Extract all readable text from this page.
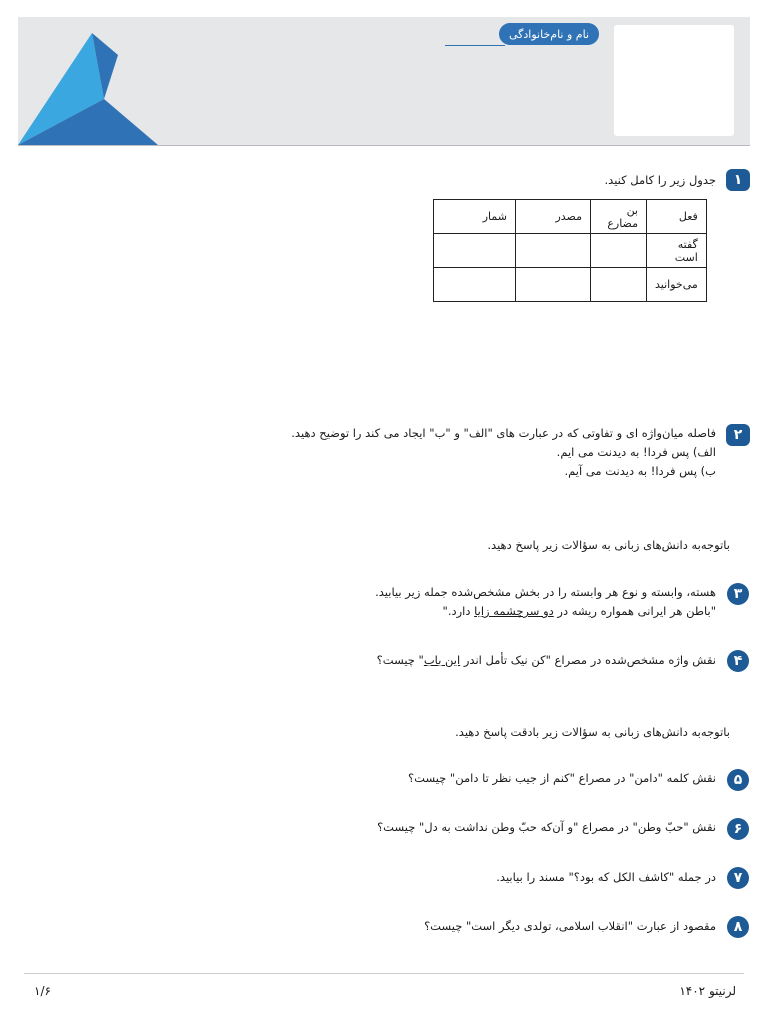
نام و نام‌خانوادگی
۱
جدول زیر را کامل کنید.
فعل	بن مضارع	مصدر	شمار
گفته است			
می‌خوانید			
۲
فاصله میان‌واژه ای و تفاوتی که در عبارت های "الف" و "ب" ایجاد می کند را توضیح دهید.
الف) پس فردا! به دیدنت می ایم.
ب) پس فردا! به دیدنت می آیم.
باتوجه‌به دانش‌های زبانی به سؤالات زیر پاسخ دهید.
۳
هسته، وابسته و نوع هر وابسته را در بخش مشخص‌شده جمله زیر بیابید.
"باطن هر ایرانی همواره ریشه در دو سرچشمه زایا دارد."
۴
نقش واژه مشخص‌شده در مصراع "کن نیک تأمل اندر این باب" چیست؟
باتوجه‌به دانش‌های زبانی به سؤالات زیر بادقت پاسخ دهید.
۵
نقش کلمه "دامن" در مصراع "کنم از جیب نظر تا دامن" چیست؟
۶
نقش "حبّ وطن" در مصراع "و آن‌که حبّ وطن نداشت به دل" چیست؟
۷
در جمله "کاشف الکل که بود؟" مسند را بیابید.
۸
مقصود از عبارت "انقلاب اسلامی، تولدی دیگر است" چیست؟
۱/۶	لرنیتو ۱۴۰۲
